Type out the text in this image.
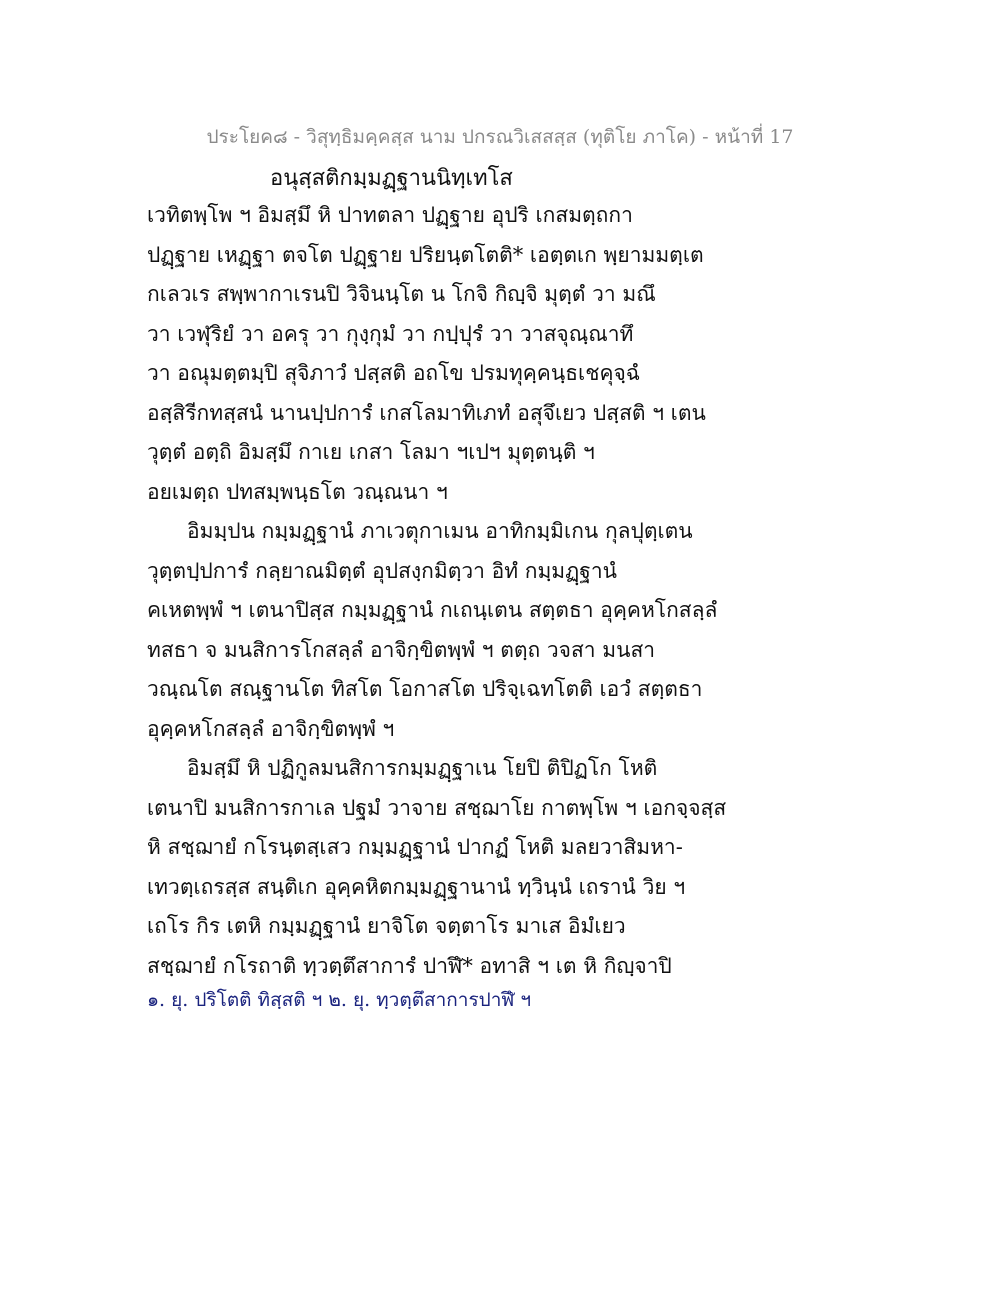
ประโยค๘ - วิสุทฺธิมคฺคสฺส นาม ปกรณวิเสสสฺส (ทุติโย ภาโค) - หน้าที่ 17
อนุสฺสติกมฺมฏฺฐานนิทฺเทโส
เวทิตพฺโพ ฯ อิมสฺมึ หิ ปาทตลา ปฏฺฐาย อุปริ เกสมตฺถกา
ปฏฺฐาย เหฏฺฐา ตจโต ปฏฺฐาย ปริยนฺตโตติ* เอตฺตเก พฺยามมตฺเต
กเลวเร สพฺพากาเรนปิ วิจินนฺโต น โกจิ กิญฺจิ มุตฺตํ วา มณึ
วา เวฬุริยํ วา อครุ วา กุงฺกุมํ วา กปฺปุรํ วา วาสจุณฺณาทึ
วา อณุมตฺตมฺปิ สุจิภาวํ ปสฺสติ อถโข ปรมทุคฺคนฺธเชคุจฺฉํ
อสฺสิรีกทสฺสนํ นานปฺปการํ เกสโลมาทิเภทํ อสุจึเยว ปสฺสติ ฯ เตน
วุตฺตํ อตฺถิ อิมสฺมึ กาเย เกสา โลมา ฯเปฯ มุตฺตนฺติ ฯ
อยเมตฺถ ปทสมฺพนฺธโต วณฺณนา ฯ
อิมมฺปน กมฺมฏฺฐานํ ภาเวตุกาเมน อาทิกมฺมิเกน กุลปุตฺเตน
วุตฺตปฺปการํ กลฺยาณมิตฺตํ อุปสงฺกมิตฺวา อิทํ กมฺมฏฺฐานํ
คเหตพฺพํ ฯ เตนาปิสฺส กมฺมฏฺฐานํ กเถนฺเตน สตฺตธา อุคฺคหโกสลฺลํ
ทสธา จ มนสิการโกสลฺลํ อาจิกฺขิตพฺพํ ฯ ตตฺถ วจสา มนสา
วณฺณโต สณฺฐานโต ทิสโต โอกาสโต ปริจฺเฉทโตติ เอวํ สตฺตธา
อุคฺคหโกสลฺลํ อาจิกฺขิตพฺพํ ฯ
อิมสฺมึ หิ ปฏิกูลมนสิการกมฺมฏฺฐาเน โยปิ ติปิฏโก โหติ
เตนาปิ มนสิการกาเล ปฐมํ วาจาย สชฺฌาโย กาตพฺโพ ฯ เอกจฺจสฺส
หิ สชฺฌายํ กโรนฺตสฺเสว กมฺมฏฺฐานํ ปากฏํ โหติ มลยวาสิมหา-
เทวตฺเถรสฺส สนฺติเก อุคฺคหิตกมฺมฏฺฐานานํ ทฺวินฺนํ เถรานํ วิย ฯ
เถโร กิร เตหิ กมฺมฏฺฐานํ ยาจิโต จตฺตาโร มาเส อิมํเยว
สชฺฌายํ กโรถาติ ทฺวตฺตึสาการํ ปาฬึ* อทาสิ ฯ เต หิ กิญฺจาปิ
๑. ยุ. ปริโตติ ทิสฺสติ ฯ ๒. ยุ. ทฺวตฺตึสาการปาฬึ ฯ
